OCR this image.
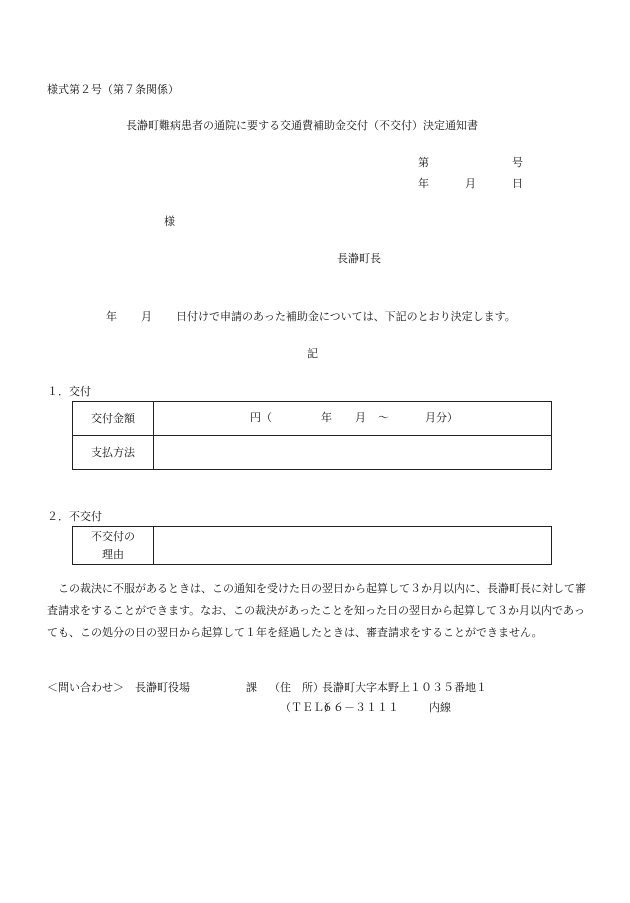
様式第２号（第７条関係）
長瀞町難病患者の通院に要する交通費補助金交付（不交付）決定通知書
第	号
年	月	日
様
長瀞町長
年 月 日付けで申請のあった補助金については、下記のとおり決定します。
記
１．交付
交付金額	円（ 年 月 ～ 月分）

支払方法	
２．不交付
不交付の
理由

この裁決に不服があるときは、この通知を受けた日の翌日から起算して３か月以内に、長瀞町長に対して審査請求をすることができます。なお、この裁決があったことを知った日の翌日から起算して３か月以内であっても、この処分の日の翌日から起算して１年を経過したときは、審査請求をすることができません。

＜問い合わせ＞ 長瀞町役場	課 （住　所）
長瀞町大字本野上１０３５番地１
（ＴＥＬ）
６６－３１１１	内線
